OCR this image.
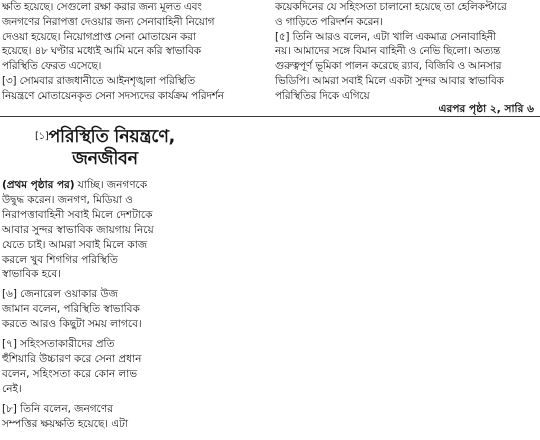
ক্ষতি হয়েছে। সেগুলো রক্ষা করার জন্য মূলত এবং
জনগণের নিরাপত্তা দেওয়ার জন্য সেনাবাহিনী নিয়োগ
দেওয়া হয়েছে। নিয়োগপ্রাপ্ত সেনা মোতায়েন করা
হয়েছে। ৪৮ ঘণ্টার মধ্যেই আমি মনে করি স্বাভাবিক
পরিস্থিতি ফেরত এসেছে।
[৩] সোমবার রাজধানীতে আইনশৃঙ্খলা পরিস্থিতি
নিয়ন্ত্রণে মোতায়েনকৃত সেনা সদস্যদের কার্যক্রম পরিদর্শন

কয়েকদিনের যে সহিংসতা চালানো হয়েছে তা হেলিকপ্টারে
ও গাড়িতে পরিদর্শন করেন।
[৫] তিনি আরও বলেন, এটা খালি একমাত্র সেনাবাহিনী
নয়। আমাদের সঙ্গে বিমান বাহিনী ও নেভি ছিলো। অত্যন্ত
গুরুত্বপূর্ণ ভূমিকা পালন করেছে র‍্যাব, বিজিবি ও আনসার
ভিডিপি। আমরা সবাই মিলে একটা সুন্দর আবার স্বাভাবিক
পরিস্থিতির দিকে এগিয়ে

এরপর পৃষ্ঠা ২, সারি ৬
[১]পরিস্থিতি নিয়ন্ত্রণে,
জনজীবন

(প্রথম পৃষ্ঠার পর) যাচ্ছি। জনগণকে
উদ্বুদ্ধ করেন। জনগণ, মিডিয়া ও
নিরাপত্তাবাহিনী সবাই মিলে দেশটাকে
আবার সুন্দর স্বাভাবিক জায়গায় নিয়ে
যেতে চাই। আমরা সবাই মিলে কাজ
করলে খুব শিগগির পরিস্থিতি
স্বাভাবিক হবে।

[৬] জেনারেল ওয়াকার উজ
জামান বলেন, পরিস্থিতি স্বাভাবিক
করতে আরও কিছুটা সময় লাগবে।

[৭] সহিংসতাকারীদের প্রতি
হুঁশিয়ারি উচ্চারণ করে সেনা প্রধান
বলেন, সহিংসতা করে কোন লাভ
নেই।

[৮] তিনি বলেন, জনগণের
সম্পত্তির ক্ষয়ক্ষতি হয়েছে। এটা
